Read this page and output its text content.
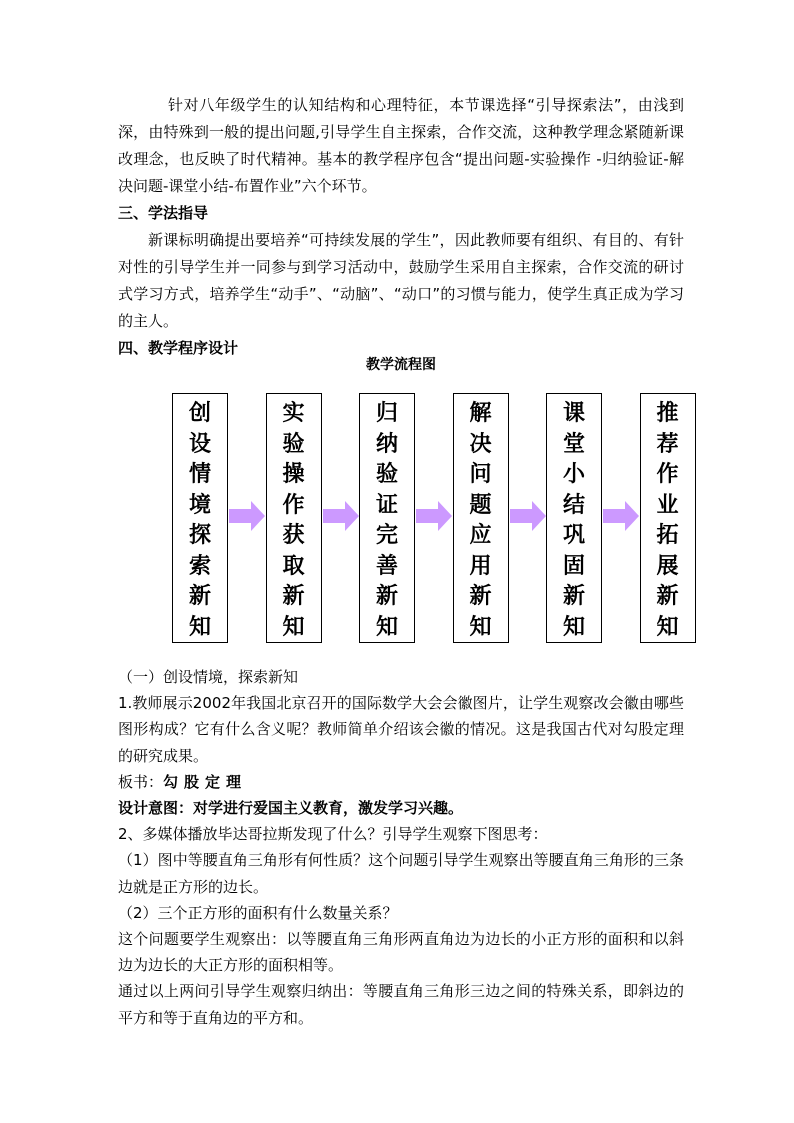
针对八年级学生的认知结构和心理特征，本节课选择“引导探索法”，由浅到深，由特殊到一般的提出问题,引导学生自主探索，合作交流，这种教学理念紧随新课改理念，也反映了时代精神。基本的教学程序包含“提出问题-实验操作 -归纳验证-解决问题-课堂小结-布置作业”六个环节。

三、学法指导

新课标明确提出要培养“可持续发展的学生”，因此教师要有组织、有目的、有针对性的引导学生并一同参与到学习活动中，鼓励学生采用自主探索，合作交流的研讨式学习方式，培养学生“动手”、“动脑”、“动口”的习惯与能力，使学生真正成为学习的主人。

四、教学程序设计

教学流程图
创
设
情
境
探
索
新
知
实
验
操
作
获
取
新
知
归
纳
验
证
完
善
新
知
解
决
问
题
应
用
新
知
课
堂
小
结
巩
固
新
知
推
荐
作
业
拓
展
新
知

（一）创设情境，探索新知

1.教师展示2002年我国北京召开的国际数学大会会徽图片，让学生观察改会徽由哪些图形构成？它有什么含义呢？教师简单介绍该会徽的情况。这是我国古代对勾股定理的研究成果。

板书：勾股定理

设计意图：对学进行爱国主义教育，激发学习兴趣。

2、多媒体播放毕达哥拉斯发现了什么？引导学生观察下图思考：

（1）图中等腰直角三角形有何性质？这个问题引导学生观察出等腰直角三角形的三条边就是正方形的边长。

（2）三个正方形的面积有什么数量关系？

这个问题要学生观察出：以等腰直角三角形两直角边为边长的小正方形的面积和以斜边为边长的大正方形的面积相等。

通过以上两问引导学生观察归纳出：等腰直角三角形三边之间的特殊关系，即斜边的平方和等于直角边的平方和。
